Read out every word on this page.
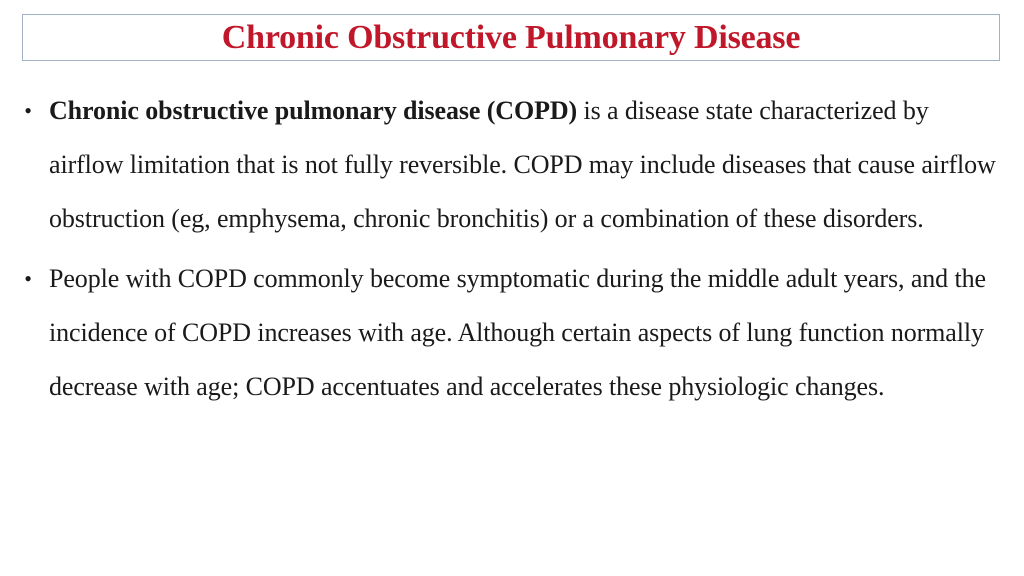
Chronic Obstructive Pulmonary Disease
• Chronic obstructive pulmonary disease (COPD) is a disease state characterized by airflow limitation that is not fully reversible. COPD may include diseases that cause airflow obstruction (eg, emphysema, chronic bronchitis) or a combination of these disorders.
• People with COPD commonly become symptomatic during the middle adult years, and the incidence of COPD increases with age. Although certain aspects of lung function normally decrease with age; COPD accentuates and accelerates these physiologic changes.
